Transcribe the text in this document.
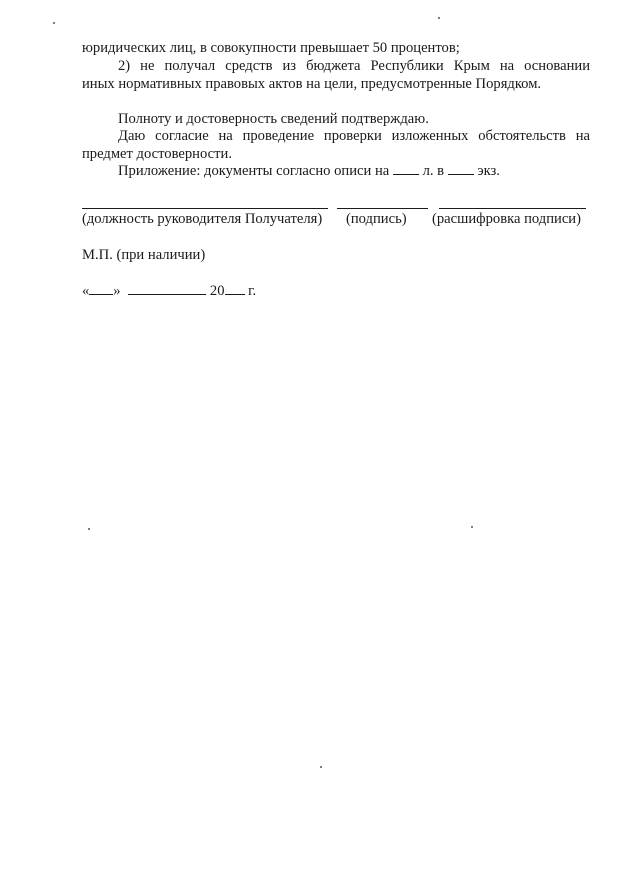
юридических лиц, в совокупности превышает 50 процентов;
2) не получал средств из бюджета Республики Крым на основании
иных нормативных правовых актов на цели, предусмотренные Порядком.
Полноту и достоверность сведений подтверждаю.
Даю согласие на проведение проверки изложенных обстоятельств на
предмет достоверности.
Приложение: документы согласно описи на л. в экз.
(должность руководителя Получателя) (подпись) (расшифровка подписи)
М.П. (при наличии)
« »	20 г.
